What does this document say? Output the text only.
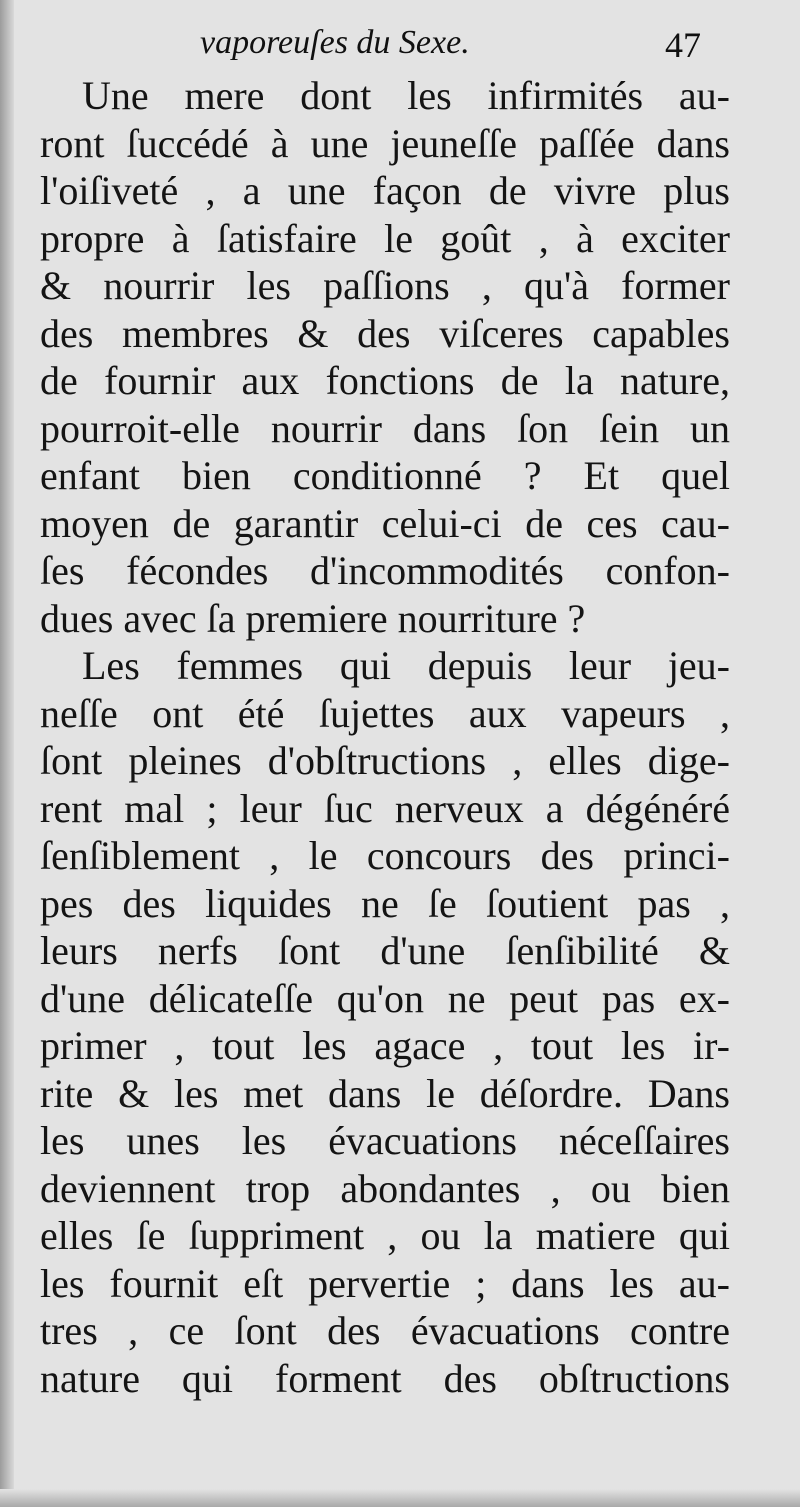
vaporeuſes du Sexe.	47
Une mere dont les infirmités au-
ront ſuccédé à une jeuneſſe paſſée dans
l'oiſiveté , a une façon de vivre plus
propre à ſatisfaire le goût , à exciter
& nourrir les paſſions , qu'à former
des membres & des viſceres capables
de fournir aux fonctions de la nature,
pourroit-elle nourrir dans ſon ſein un
enfant bien conditionné ? Et quel
moyen de garantir celui-ci de ces cau-
ſes fécondes d'incommodités confon-
dues avec ſa premiere nourriture ?
Les femmes qui depuis leur jeu-
neſſe ont été ſujettes aux vapeurs ,
ſont pleines d'obſtructions , elles dige-
rent mal ; leur ſuc nerveux a dégénéré
ſenſiblement , le concours des princi-
pes des liquides ne ſe ſoutient pas ,
leurs nerfs ſont d'une ſenſibilité &
d'une délicateſſe qu'on ne peut pas ex-
primer , tout les agace , tout les ir-
rite & les met dans le déſordre. Dans
les unes les évacuations néceſſaires
deviennent trop abondantes , ou bien
elles ſe ſuppriment , ou la matiere qui
les fournit eſt pervertie ; dans les au-
tres , ce ſont des évacuations contre
nature qui forment des obſtructions
